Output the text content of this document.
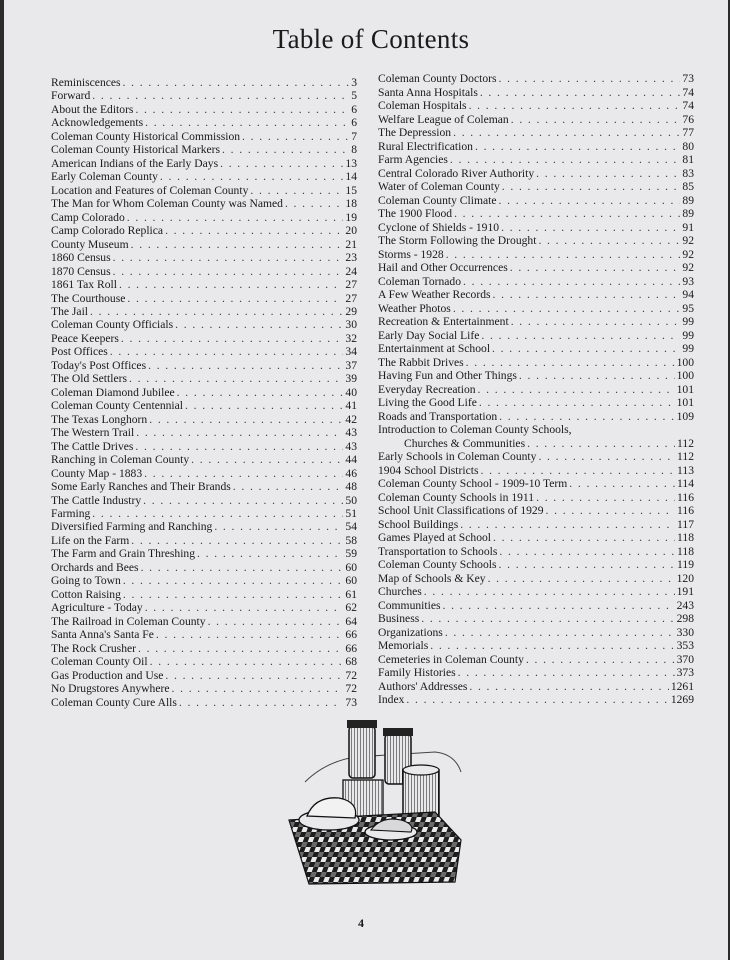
Table of Contents
Reminiscences . . .	3
Forward . . .	5
About the Editors . . .	6
Acknowledgements . . .	6
Coleman County Historical Commission . . .	7
Coleman County Historical Markers . . .	8
American Indians of the Early Days . . .	13
Early Coleman County . . .	14
Location and Features of Coleman County . . .	15
The Man for Whom Coleman County was Named . . .	18
Camp Colorado . . .	19
Camp Colorado Replica . . .	20
County Museum . . .	21
1860 Census . . .	23
1870 Census . . .	24
1861 Tax Roll . . .	27
The Courthouse . . .	27
The Jail . . .	29
Coleman County Officials . . .	30
Peace Keepers . . .	32
Post Offices . . .	34
Today's Post Offices . . .	37
The Old Settlers . . .	39
Coleman Diamond Jubilee . . .	40
Coleman County Centennial . . .	41
The Texas Longhorn . . .	42
The Western Trail . . .	43
The Cattle Drives . . .	43
Ranching in Coleman County . . .	44
County Map - 1883 . . .	46
Some Early Ranches and Their Brands . . .	48
The Cattle Industry . . .	50
Farming . . .	51
Diversified Farming and Ranching . . .	54
Life on the Farm . . .	58
The Farm and Grain Threshing . . .	59
Orchards and Bees . . .	60
Going to Town . . .	60
Cotton Raising . . .	61
Agriculture - Today . . .	62
The Railroad in Coleman County . . .	64
Santa Anna's Santa Fe . . .	66
The Rock Crusher . . .	66
Coleman County Oil . . .	68
Gas Production and Use . . .	72
No Drugstores Anywhere . . .	72
Coleman County Cure Alls . . .	73
Coleman County Doctors . . .	73
Santa Anna Hospitals . . .	74
Coleman Hospitals . . .	74
Welfare League of Coleman . . .	76
The Depression . . .	77
Rural Electrification . . .	80
Farm Agencies . . .	81
Central Colorado River Authority . . .	83
Water of Coleman County . . .	85
Coleman County Climate . . .	89
The 1900 Flood . . .	89
Cyclone of Shields - 1910 . . .	91
The Storm Following the Drought . . .	92
Storms - 1928 . . .	92
Hail and Other Occurrences . . .	92
Coleman Tornado . . .	93
A Few Weather Records . . .	94
Weather Photos . . .	95
Recreation & Entertainment . . .	99
Early Day Social Life . . .	99
Entertainment at School . . .	99
The Rabbit Drives . . .	100
Having Fun and Other Things . . .	100
Everyday Recreation . . .	101
Living the Good Life . . .	101
Roads and Transportation . . .	109
Introduction to Coleman County Schools,
Churches & Communities . . .	112
Early Schools in Coleman County . . .	112
1904 School Districts . . .	113
Coleman County School - 1909-10 Term . . .	114
Coleman County Schools in 1911 . . .	116
School Unit Classifications of 1929 . . .	116
School Buildings . . .	117
Games Played at School . . .	118
Transportation to Schools . . .	118
Coleman County Schools . . .	119
Map of Schools & Key . . .	120
Churches . . .	191
Communities . . .	243
Business . . .	298
Organizations . . .	330
Memorials . . .	353
Cemeteries in Coleman County . . .	370
Family Histories . . .	373
Authors' Addresses . . .	1261
Index . . .	1269
4
